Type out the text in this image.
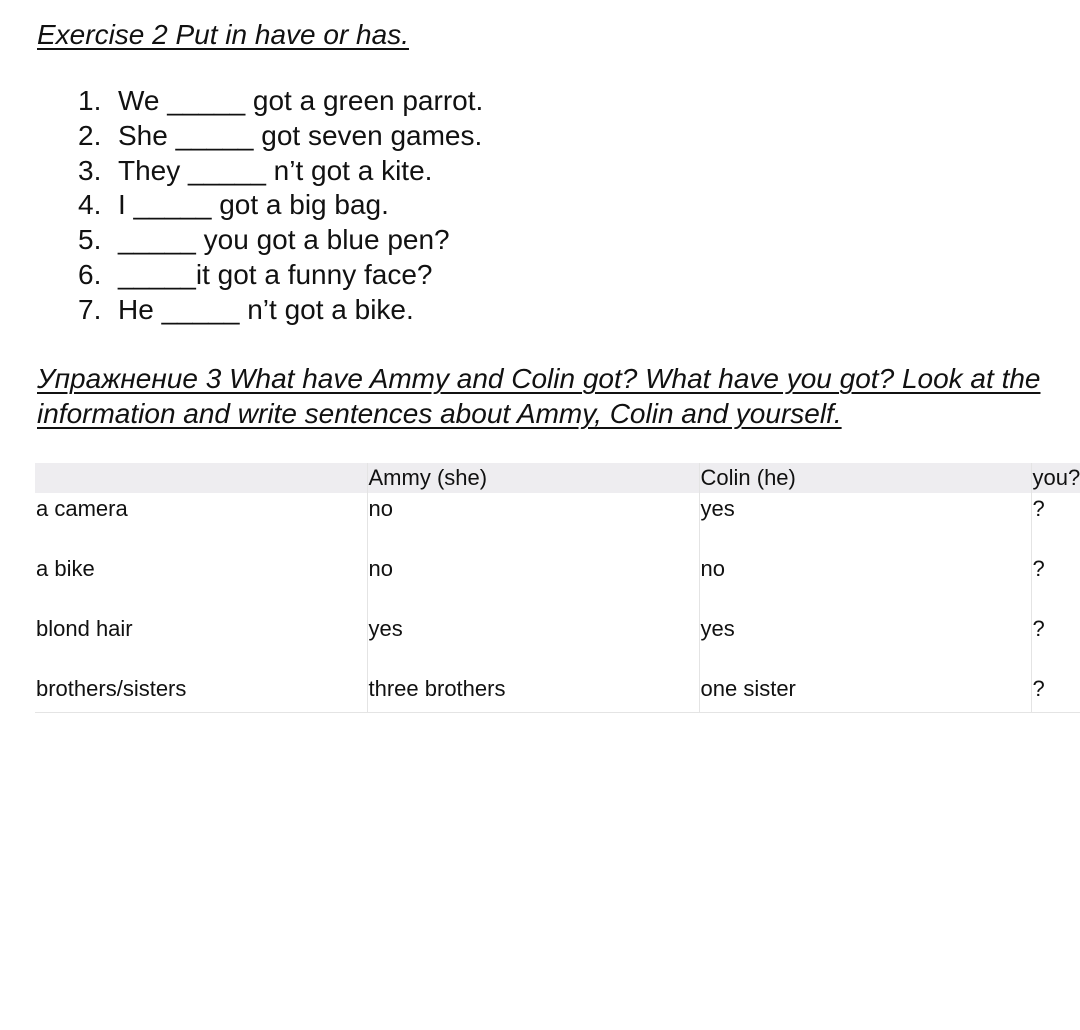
Exercise 2 Put in have or has.
1. We _____ got a green parrot.
2. She _____ got seven games.
3. They _____ n’t got a kite.
4. I _____ got a big bag.
5. _____ you got a blue pen?
6. _____it got a funny face?
7. He _____ n’t got a bike.
Упражнение 3 What have Ammy and Colin got? What have you got? Look at the
information and write sentences about Ammy, Colin and yourself.
	Ammy (she)	Colin (he)	you?
a camera	no	yes	?
a bike	no	no	?
blond hair	yes	yes	?
brothers/sisters	three brothers	one sister	?
